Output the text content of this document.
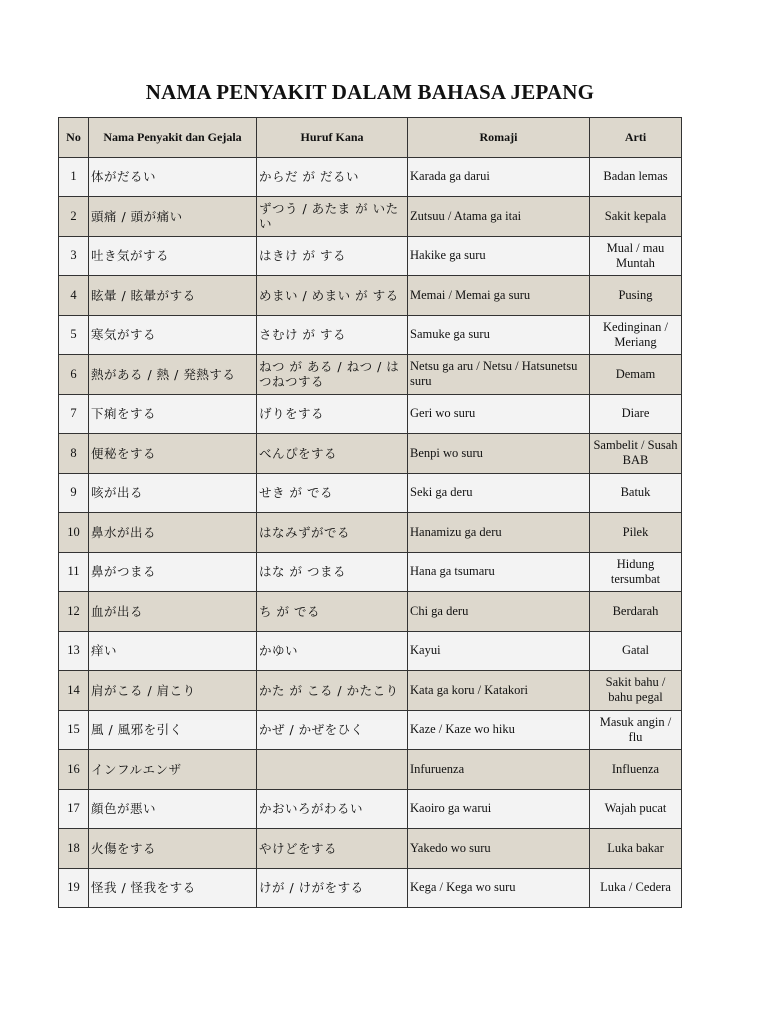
NAMA PENYAKIT DALAM BAHASA JEPANG
No	Nama Penyakit dan Gejala	Huruf Kana	Romaji	Arti
1	体がだるい	からだ が だるい	Karada ga darui	Badan lemas
2	頭痛 / 頭が痛い	ずつう / あたま が いたい	Zutsuu / Atama ga itai	Sakit kepala
3	吐き気がする	はきけ が する	Hakike ga suru	Mual / mau Muntah
4	眩暈 / 眩暈がする	めまい / めまい が する	Memai / Memai ga suru	Pusing
5	寒気がする	さむけ が する	Samuke ga suru	Kedinginan / Meriang
6	熱がある / 熱 / 発熱する	ねつ が ある / ねつ / はつねつする	Netsu ga aru / Netsu / Hatsunetsu suru	Demam
7	下痢をする	げりをする	Geri wo suru	Diare
8	便秘をする	べんぴをする	Benpi wo suru	Sambelit / Susah BAB
9	咳が出る	せき が でる	Seki ga deru	Batuk
10	鼻水が出る	はなみずがでる	Hanamizu ga deru	Pilek
11	鼻がつまる	はな が つまる	Hana ga tsumaru	Hidung tersumbat
12	血が出る	ち が でる	Chi ga deru	Berdarah
13	痒い	かゆい	Kayui	Gatal
14	肩がこる / 肩こり	かた が こる / かたこり	Kata ga koru / Katakori	Sakit bahu / bahu pegal
15	風 / 風邪を引く	かぜ / かぜをひく	Kaze / Kaze wo hiku	Masuk angin / flu
16	インフルエンザ		Infuruenza	Influenza
17	顔色が悪い	かおいろがわるい	Kaoiro ga warui	Wajah pucat
18	火傷をする	やけどをする	Yakedo wo suru	Luka bakar
19	怪我 / 怪我をする	けが / けがをする	Kega / Kega wo suru	Luka / Cedera
